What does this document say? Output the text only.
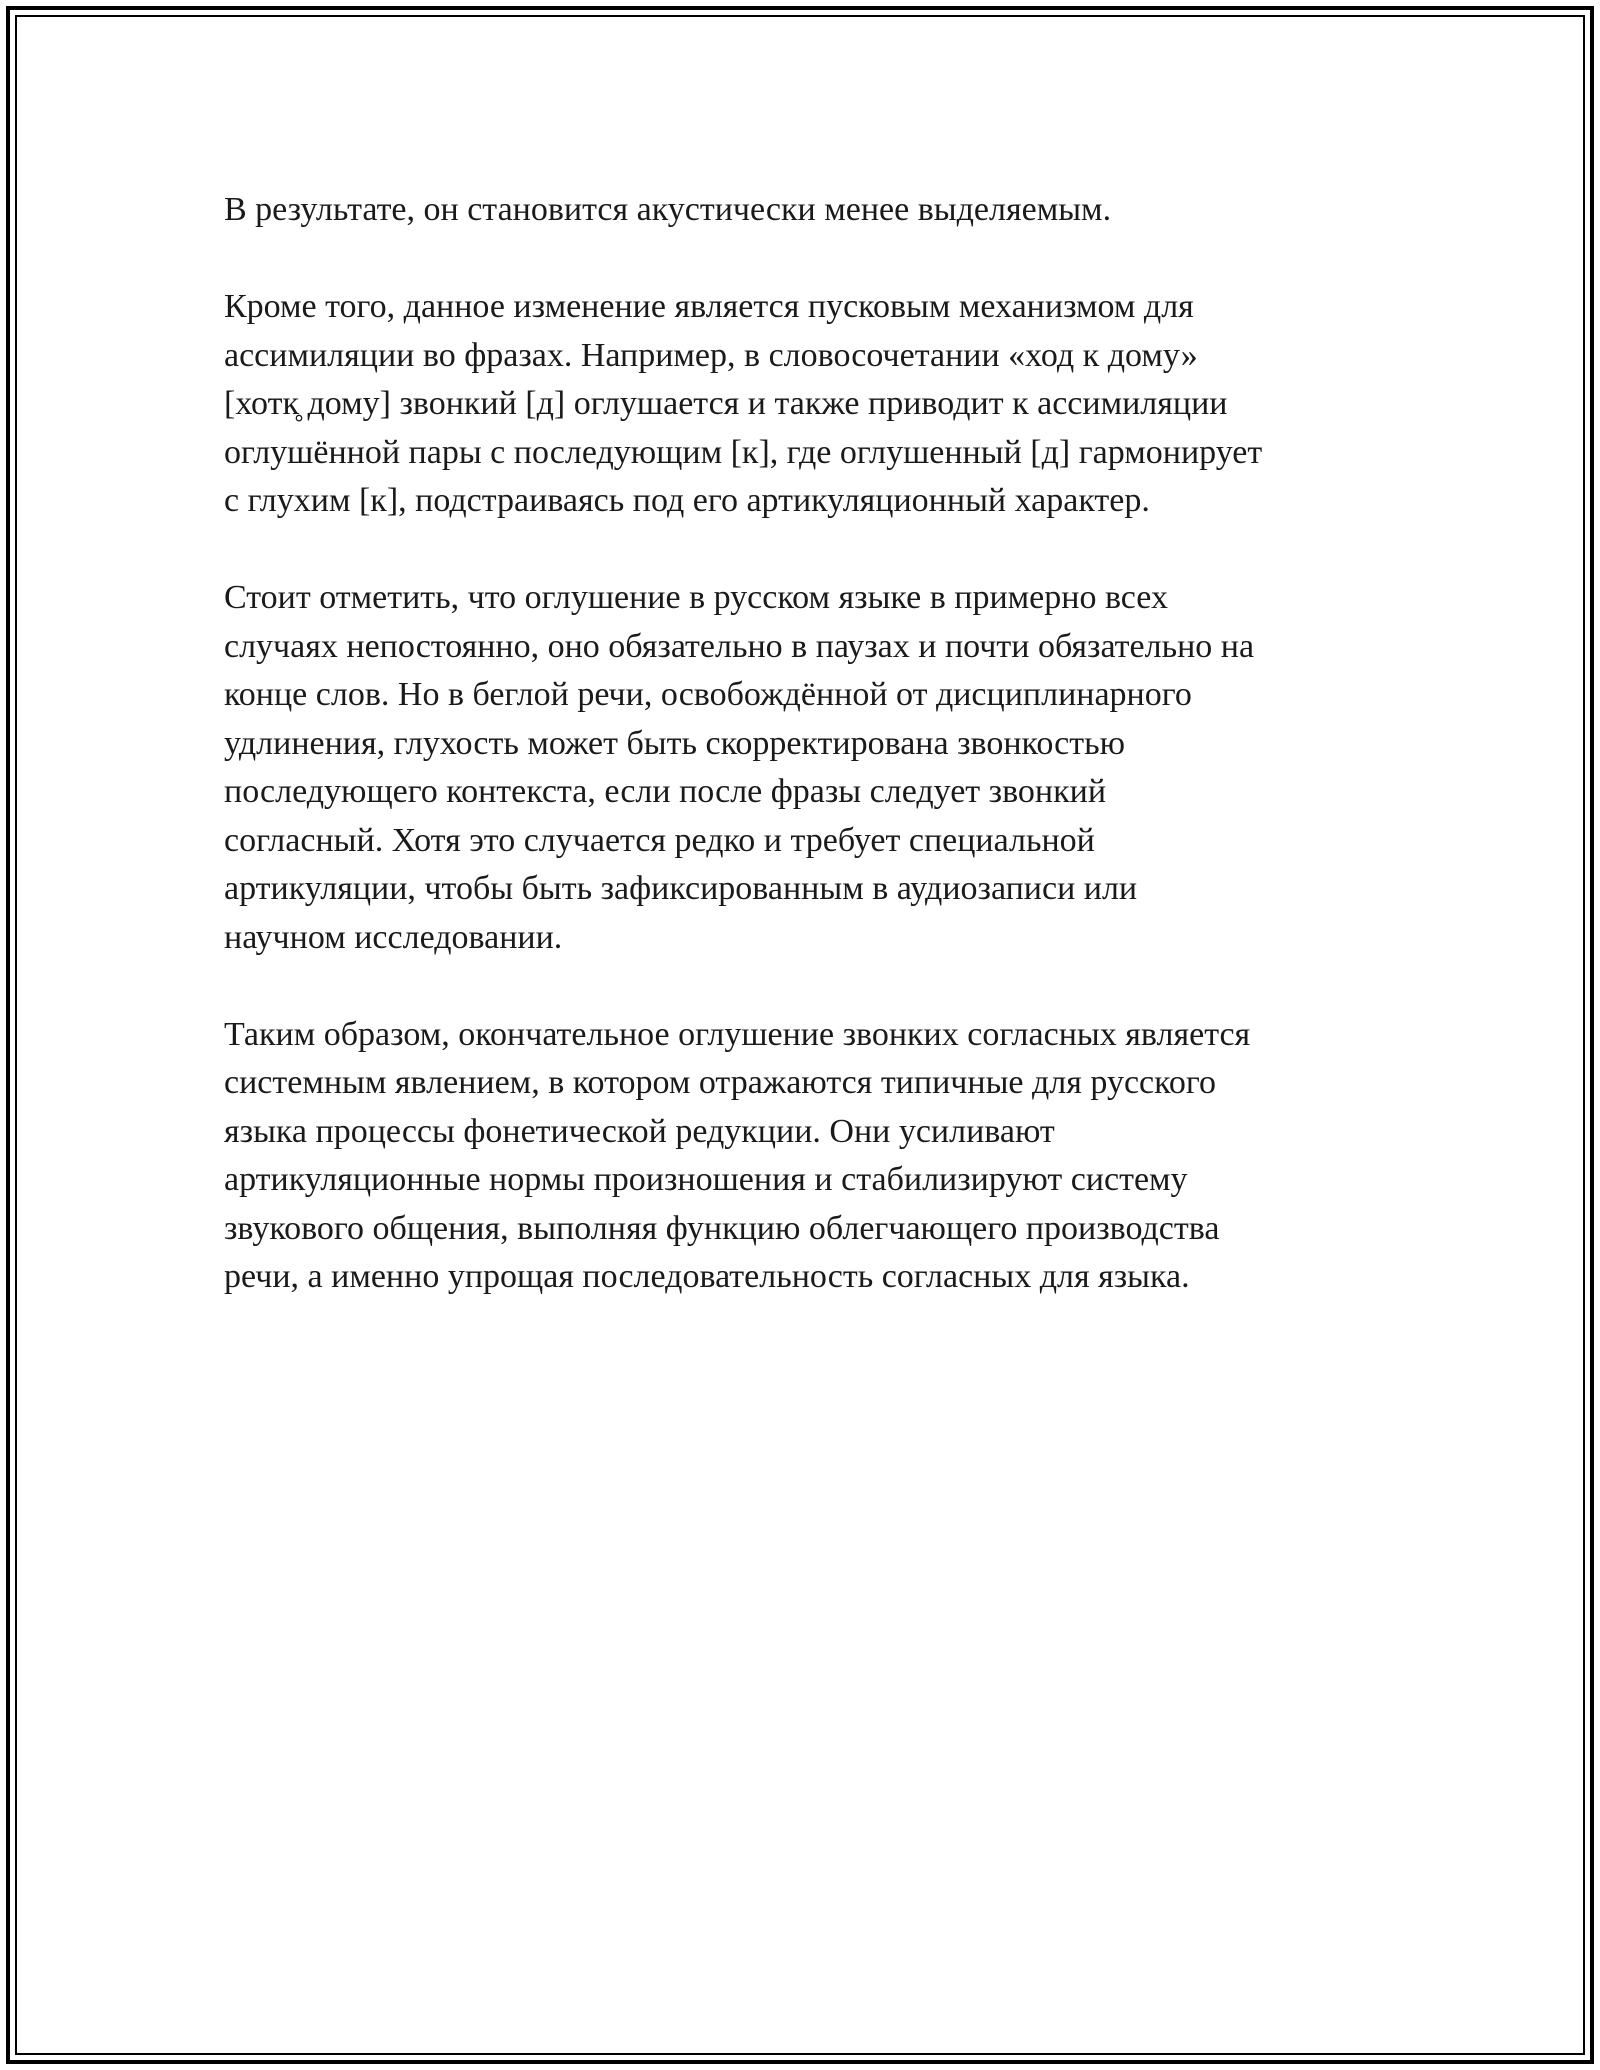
В результате, он становится акустически менее выделяемым.

Кроме того, данное изменение является пусковым механизмом для
ассимиляции во фразах. Например, в словосочетании «ход к дому»
[хотк̥ дому] звонкий [д] оглушается и также приводит к ассимиляции
оглушённой пары с последующим [к], где оглушенный [д] гармонирует
с глухим [к], подстраиваясь под его артикуляционный характер.

Стоит отметить, что оглушение в русском языке в примерно всех
случаях непостоянно, оно обязательно в паузах и почти обязательно на
конце слов. Но в беглой речи, освобождённой от дисциплинарного
удлинения, глухость может быть скорректирована звонкостью
последующего контекста, если после фразы следует звонкий
согласный. Хотя это случается редко и требует специальной
артикуляции, чтобы быть зафиксированным в аудиозаписи или
научном исследовании.

Таким образом, окончательное оглушение звонких согласных является
системным явлением, в котором отражаются типичные для русского
языка процессы фонетической редукции. Они усиливают
артикуляционные нормы произношения и стабилизируют систему
звукового общения, выполняя функцию облегчающего производства
речи, а именно упрощая последовательность согласных для языка.
